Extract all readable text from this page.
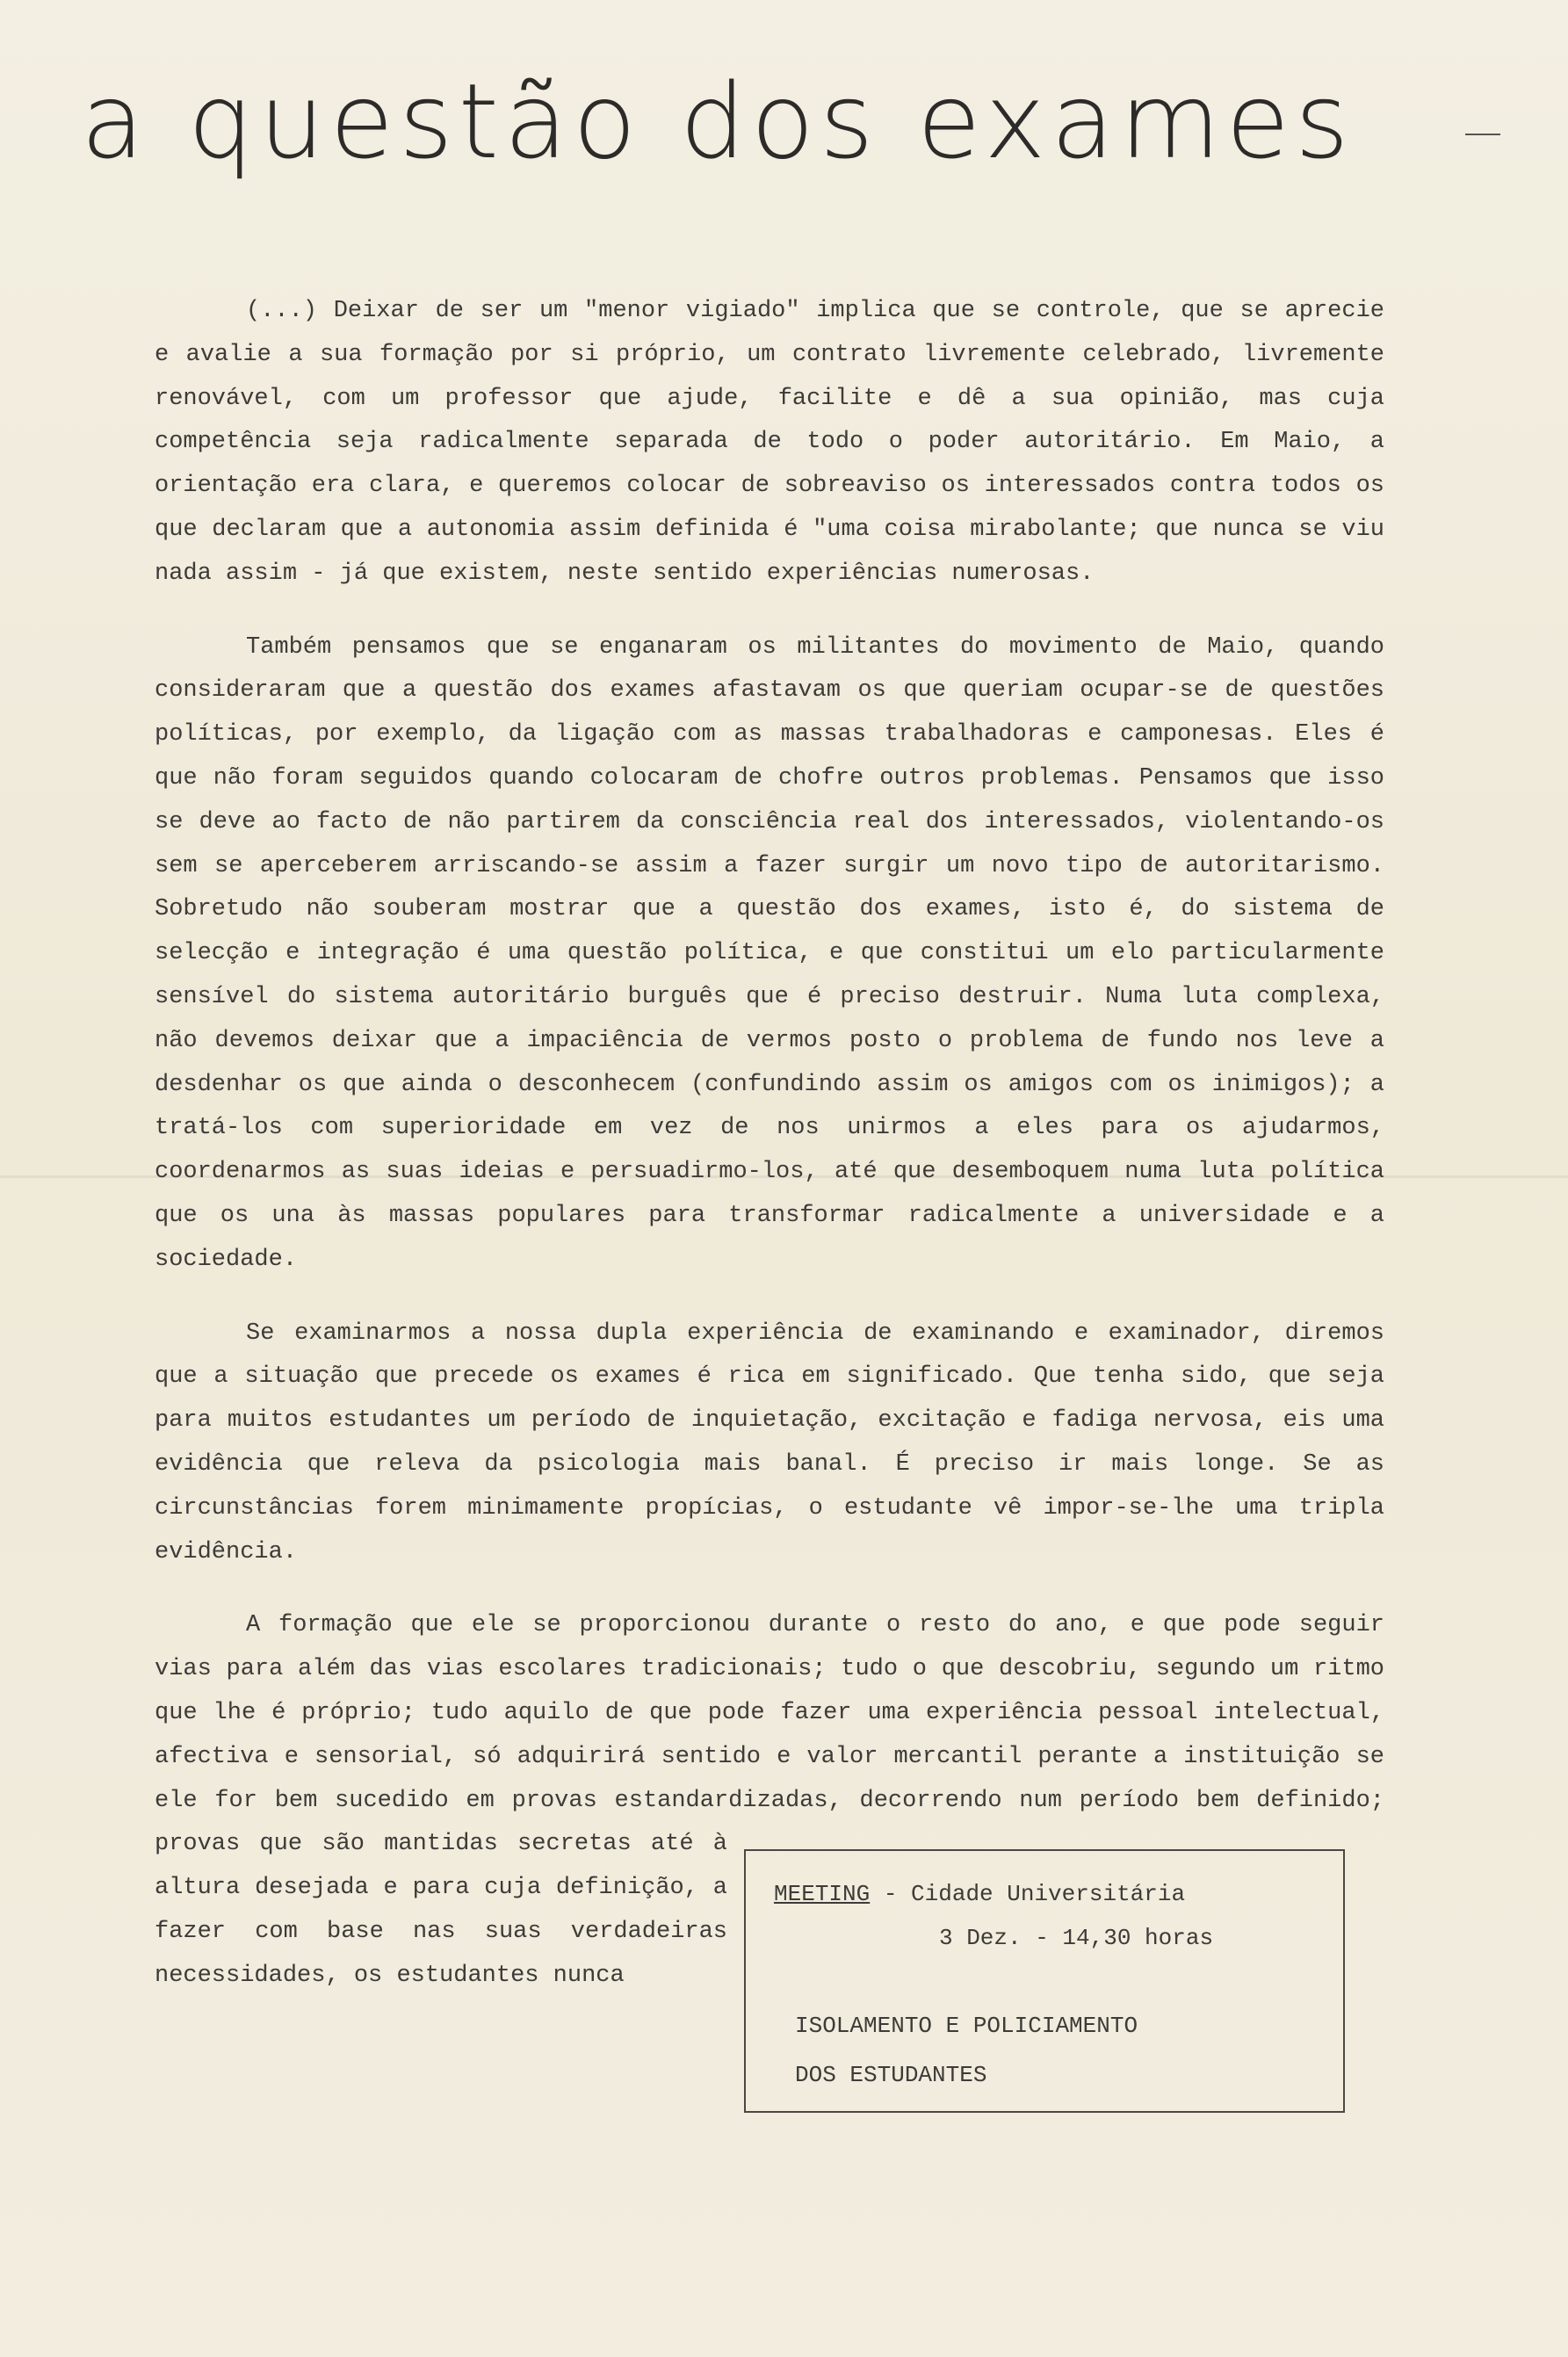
a questão dos exames

(...) Deixar de ser um "menor vigiado" implica que se controle, que se aprecie e avalie a sua formação por si próprio, um contrato livremente celebrado, livremente renovável, com um professor que ajude, facilite e dê a sua opinião, mas cuja competência seja radicalmente separada de todo o poder autoritário. Em Maio, a orientação era clara, e queremos colocar de sobreaviso os interessados contra todos os que declaram que a autonomia assim definida é "uma coisa mirabolante; que nunca se viu nada assim - já que existem, neste sentido experiências numerosas.

Também pensamos que se enganaram os militantes do movimento de Maio, quando consideraram que a questão dos exames afastavam os que queriam ocupar-se de questões políticas, por exemplo, da ligação com as massas trabalhadoras e camponesas. Eles é que não foram seguidos quando colocaram de chofre outros problemas. Pensamos que isso se deve ao facto de não partirem da consciência real dos interessados, violentando-os sem se aperceberem arriscando-se assim a fazer surgir um novo tipo de autoritarismo. Sobretudo não souberam mostrar que a questão dos exames, isto é, do sistema de selecção e integração é uma questão política, e que constitui um elo particularmente sensível do sistema autoritário burguês que é preciso destruir. Numa luta complexa, não devemos deixar que a impaciência de vermos posto o problema de fundo nos leve a desdenhar os que ainda o desconhecem (confundindo assim os amigos com os inimigos); a tratá-los com superioridade em vez de nos unirmos a eles para os ajudarmos, coordenarmos as suas ideias e persuadirmo-los, até que desemboquem numa luta política que os una às massas populares para transformar radicalmente a universidade e a sociedade.

Se examinarmos a nossa dupla experiência de examinando e examinador, diremos que a situação que precede os exames é rica em significado. Que tenha sido, que seja para muitos estudantes um período de inquietação, excitação e fadiga nervosa, eis uma evidência que releva da psicologia mais banal. É preciso ir mais longe. Se as circunstâncias forem minimamente propícias, o estudante vê impor-se-lhe uma tripla evidência.

A formação que ele se proporcionou durante o resto do ano, e que pode seguir vias para além das vias escolares tradicionais; tudo o que descobriu, segundo um ritmo que lhe é próprio; tudo aquilo de que pode fazer uma experiência pessoal intelectual, afectiva e sensorial, só adquirirá sentido e valor mercantil perante a instituição se ele for bem sucedido em provas estandardizadas, decorrendo num período bem definido; provas que são mantidas secretas até à altura desejada e para cuja definição, a fazer com base nas suas verdadeiras necessidades, os estudantes nunca
MEETING - Cidade Universitária
3 Dez. - 14,30 horas
ISOLAMENTO E POLICIAMENTO
DOS ESTUDANTES
